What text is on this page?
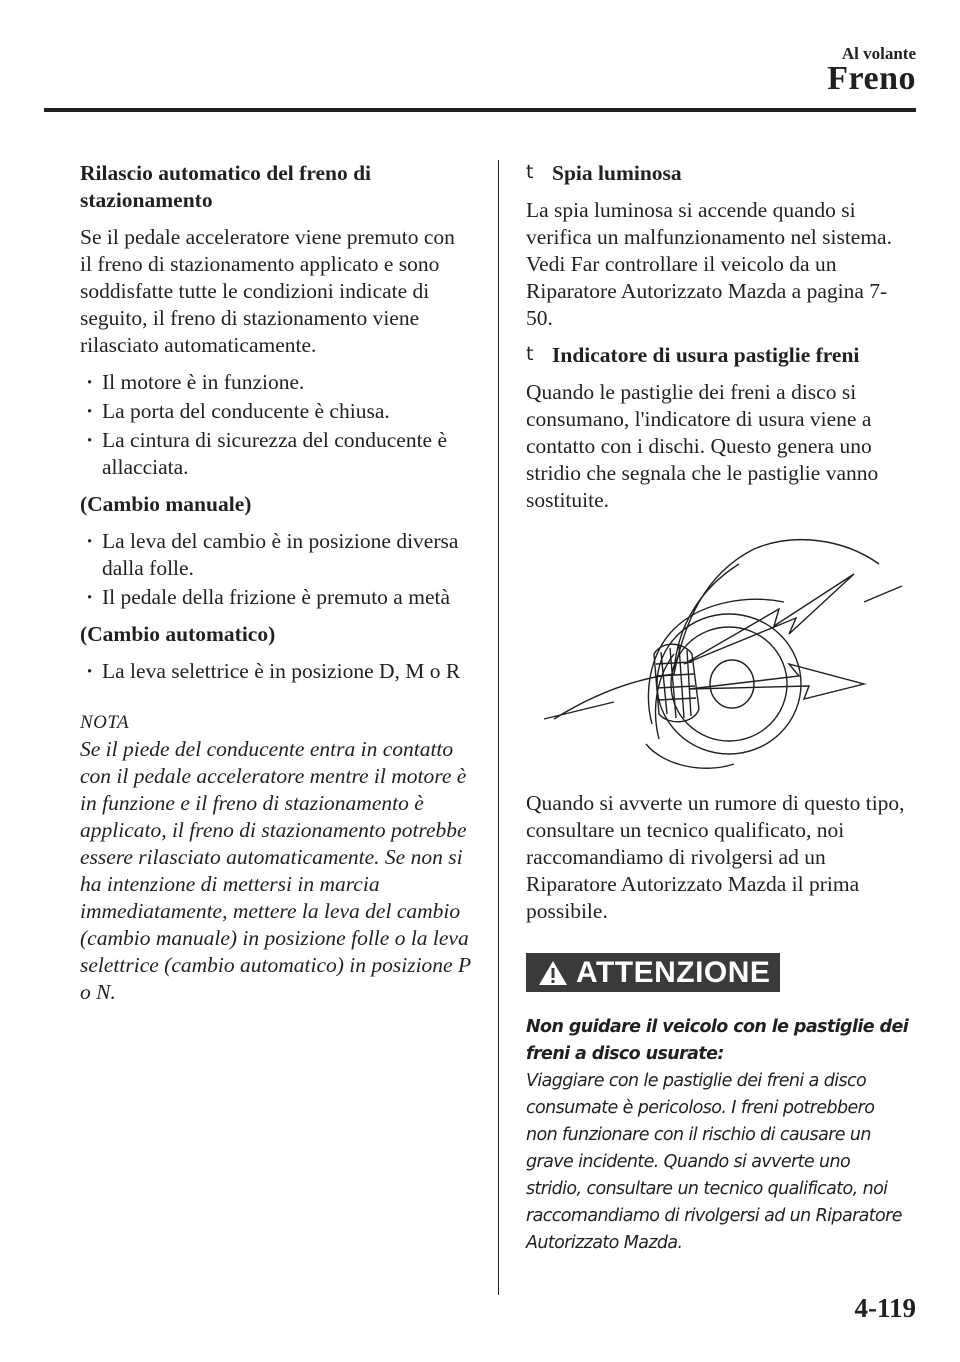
Al volante
Freno
Rilascio automatico del freno di stazionamento

Se il pedale acceleratore viene premuto con il freno di stazionamento applicato e sono soddisfatte tutte le condizioni indicate di seguito, il freno di stazionamento viene rilasciato automaticamente.

· Il motore è in funzione.
· La porta del conducente è chiusa.
· La cintura di sicurezza del conducente è allacciata.
(Cambio manuale)
· La leva del cambio è in posizione diversa dalla folle.
· Il pedale della frizione è premuto a metà
(Cambio automatico)
· La leva selettrice è in posizione D, M o R
NOTA

Se il piede del conducente entra in contatto con il pedale acceleratore mentre il motore è in funzione e il freno di stazionamento è applicato, il freno di stazionamento potrebbe essere rilasciato automaticamente. Se non si ha intenzione di mettersi in marcia immediatamente, mettere la leva del cambio (cambio manuale) in posizione folle o la leva selettrice (cambio automatico) in posizione P o N.

t Spia luminosa

La spia luminosa si accende quando si verifica un malfunzionamento nel sistema. Vedi Far controllare il veicolo da un Riparatore Autorizzato Mazda a pagina 7-50.

t Indicatore di usura pastiglie freni

Quando le pastiglie dei freni a disco si consumano, l'indicatore di usura viene a contatto con i dischi. Questo genera uno stridio che segnala che le pastiglie vanno sostituite.

Quando si avverte un rumore di questo tipo, consultare un tecnico qualificato, noi raccomandiamo di rivolgersi ad un Riparatore Autorizzato Mazda il prima possibile.

ATTENZIONE
Non guidare il veicolo con le pastiglie dei freni a disco usurate:
Viaggiare con le pastiglie dei freni a disco consumate è pericoloso. I freni potrebbero non funzionare con il rischio di causare un grave incidente. Quando si avverte uno stridio, consultare un tecnico qualificato, noi raccomandiamo di rivolgersi ad un Riparatore Autorizzato Mazda.
4-119
